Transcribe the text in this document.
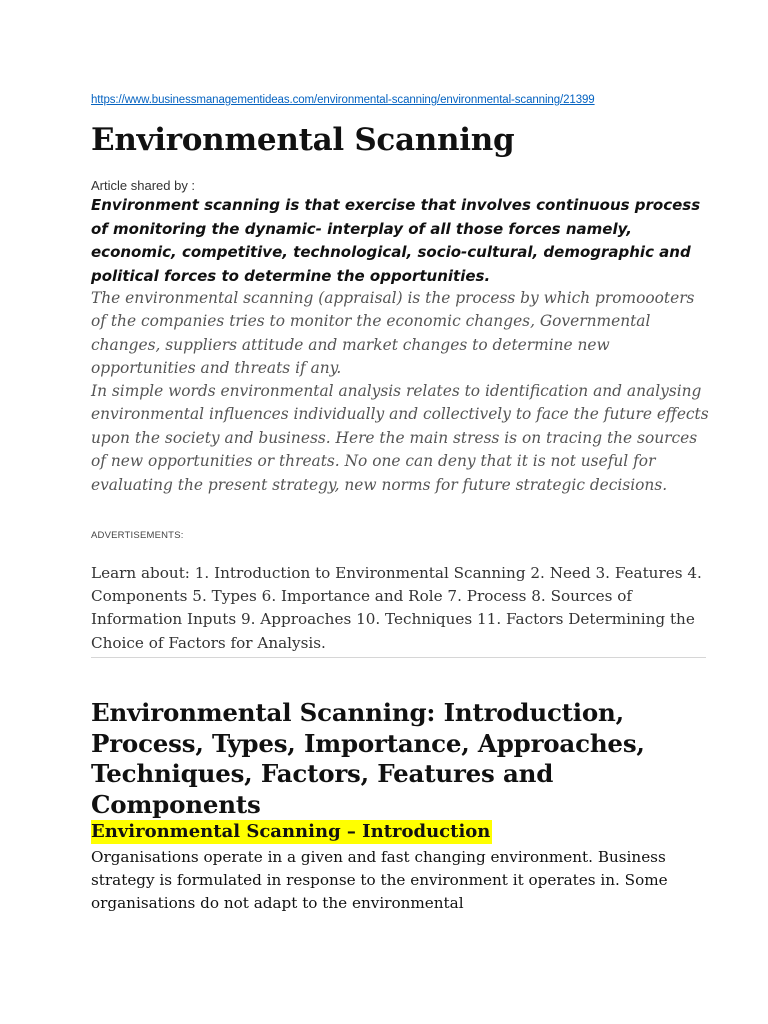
https://www.businessmanagementideas.com/environmental-scanning/environmental-scanning/21399
Environmental Scanning
Article shared by :

Environment scanning is that exercise that involves continuous process of monitoring the dynamic- interplay of all those forces namely, economic, competitive, technological, socio-cultural, demographic and political forces to determine the opportunities.

The environmental scanning (appraisal) is the process by which promoooters of the companies tries to monitor the economic changes, Governmental changes, suppliers attitude and market changes to determine new opportunities and threats if any.

In simple words environmental analysis relates to identification and analysing environmental influences individually and collectively to face the future effects upon the society and business. Here the main stress is on tracing the sources of new opportunities or threats. No one can deny that it is not useful for evaluating the present strategy, new norms for future strategic decisions.

ADVERTISEMENTS:

Learn about: 1. Introduction to Environmental Scanning 2. Need 3. Features 4. Components 5. Types 6. Importance and Role 7. Process 8. Sources of Information Inputs 9. Approaches 10. Techniques 11. Factors Determining the Choice of Factors for Analysis.

Environmental Scanning: Introduction, Process, Types, Importance, Approaches, Techniques, Factors, Features and Components
Environmental Scanning – Introduction

Organisations operate in a given and fast changing environment. Business strategy is formulated in response to the environment it operates in. Some organisations do not adapt to the environmental
